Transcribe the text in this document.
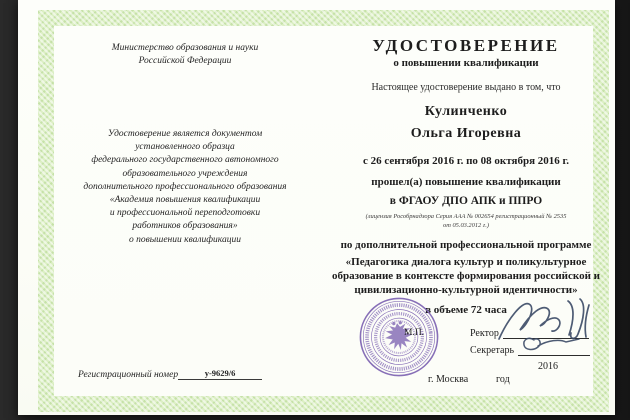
Министерство образования и науки
Российской Федерации
Удостоверение является документом
установленного образца
федерального государственного автономного
образовательного учреждения
дополнительного профессионального образования
«Академия повышения квалификации
и профессиональной переподготовки
работников образования»
о повышении квалификации
Регистрационный номер	у-9629/6
УДОСТОВЕРЕНИЕ
о повышении квалификации
Настоящее удостоверение выдано в том, что
Кулинченко
Ольга Игоревна
с 26 сентября 2016 г. по 08 октября 2016 г.
прошел(а) повышение квалификации
в ФГАОУ ДПО АПК и ППРО
(лицензия Рособрнадзора Серия ААА № 002654 регистрационный № 2535
от 05.03.2012 г.)
по дополнительной профессиональной программе
«Педагогика диалога культур и поликультурное
образование в контексте формирования российской и
цивилизационно-культурной идентичности»
в объеме 72 часа
М.П.	Ректор
Секретарь
2016
год
г. Москва
